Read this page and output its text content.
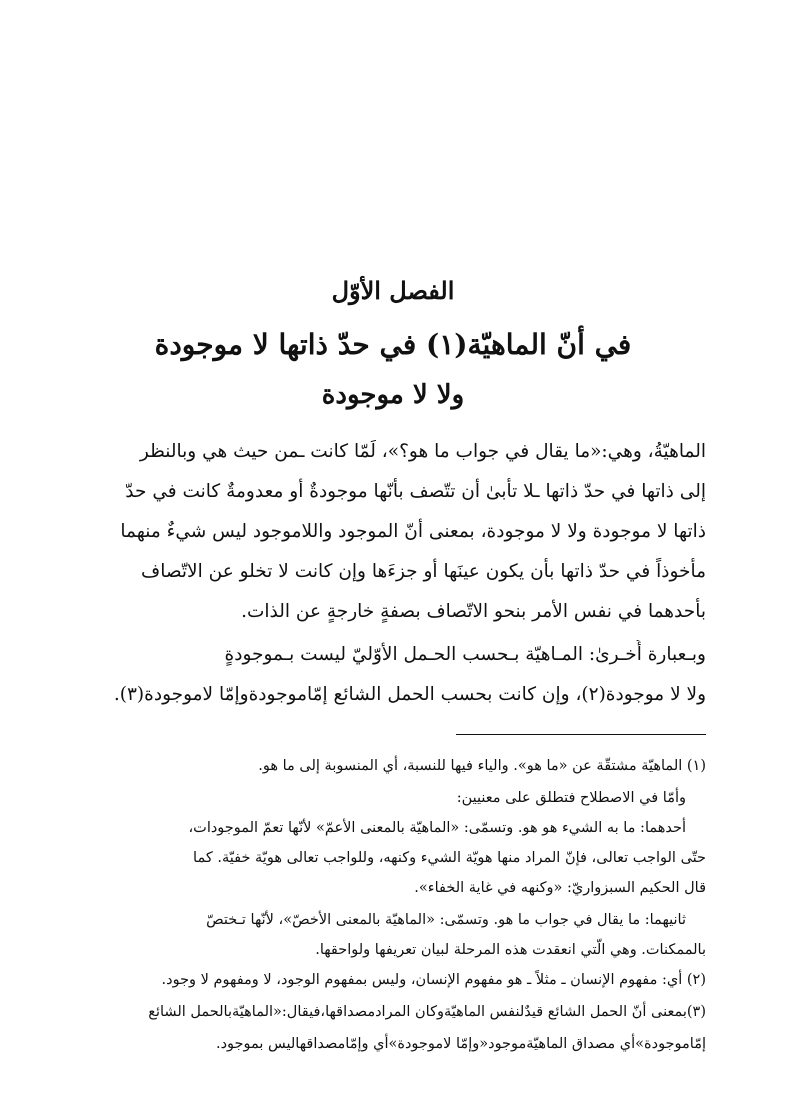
الفصل الأوّل
في أنّ الماهيّة(١) في حدّ ذاتها لا موجودة
ولا لا موجودة
الماهيّةُ، وهي:«ما يقال في جواب ما هو؟»، لَمّا كانت ـمن حيث هي وبالنظر
إلى ذاتها في حدّ ذاتها ـلا تأبىٰ أن تتّصف بأنّها موجودةٌ أو معدومةٌ كانت في حدّ
ذاتها لا موجودة ولا لا موجودة، بمعنى أنّ الموجود واللاموجود ليس شيءٌ منهما
مأخوذاً في حدّ ذاتها بأن يكون عينَها أو جزءَها وإن كانت لا تخلو عن الاتّصاف
بأحدهما في نفس الأمر بنحو الاتّصاف بصفةٍ خارجةٍ عن الذات.
وبـعبارة أُخـرىٰ: المـاهيّة بـحسب الحـمل الأوّليّ ليست بـموجودةٍ
ولا لا موجودة(٢)، وإن كانت بحسب الحمل الشائع إمّاموجودةوإمّا لاموجودة(٣).
(١) الماهيّة مشتقّة عن «ما هو». والياء فيها للنسبة، أي المنسوبة إلى ما هو.
وأمّا في الاصطلاح فتطلق على معنيين:
أحدهما: ما به الشيء هو هو. وتسمّى: «الماهيّة بالمعنى الأعمّ» لأنّها تعمّ الموجودات،
حتّى الواجب تعالى، فإنّ المراد منها هويّة الشيء وكنهه، وللواجب تعالى هويّة خفيّة. كما
قال الحكيم السبزواريّ: «وكنهه في غاية الخفاء».
ثانيهما: ما يقال في جواب ما هو. وتسمّى: «الماهيّة بالمعنى الأخصّ»، لأنّها تـختصّ
بالممكنات. وهي الّتي انعقدت هذه المرحلة لبيان تعريفها ولواحقها.
(٢) أي: مفهوم الإنسان ـ مثلاً ـ هو مفهوم الإنسان، وليس بمفهوم الوجود، لا ومفهوم لا وجود.
(٣)بمعنى أنّ الحمل الشائع قيدٌلنفس الماهيّةوكان المرادمصداقها،فيقال:«الماهيّةبالحمل الشائع
إمّاموجودة»أي مصداق الماهيّةموجود«وإمّا لاموجودة»أي وإمّامصداقهاليس بموجود.
